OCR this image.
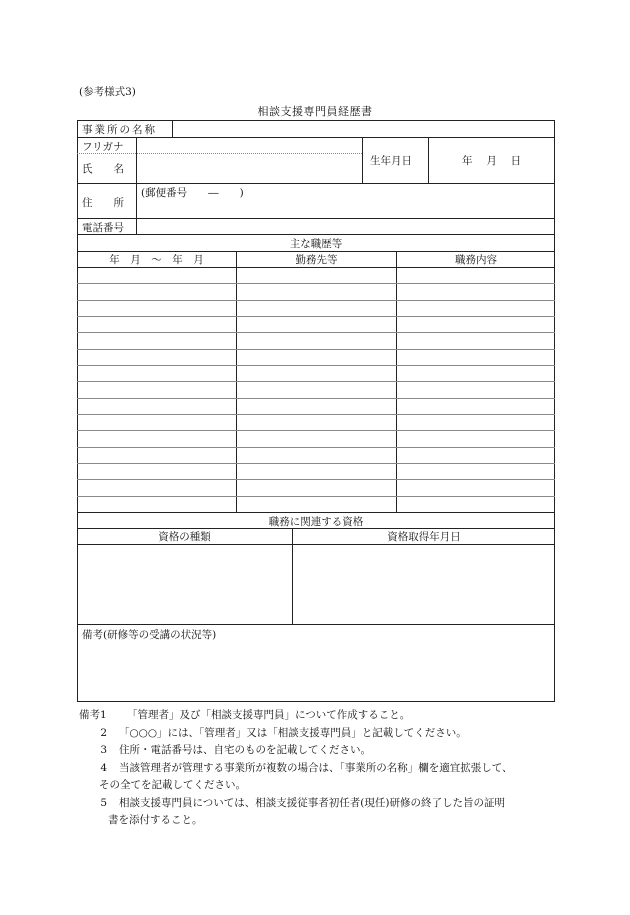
(参考様式3)
相談支援専門員経歴書
事業所の名称
フリガナ
氏　　名
生年月日	年　 月　 日
住　　所
(郵便番号　　―　　)
電話番号
主な職歴等
年　月　～　年　月	勤務先等	職務内容
職務に関連する資格
資格の種類	資格取得年月日
備考(研修等の受講の状況等)
備考1	「管理者」及び「相談支援専門員」について作成すること。
2	「○○○」には、「管理者」又は「相談支援専門員」と記載してください。
3	住所・電話番号は、自宅のものを記載してください。
4	当該管理者が管理する事業所が複数の場合は、「事業所の名称」欄を適宜拡張して、
その全てを記載してください。
5	相談支援専門員については、相談支援従事者初任者(現任)研修の終了した旨の証明
書を添付すること。
